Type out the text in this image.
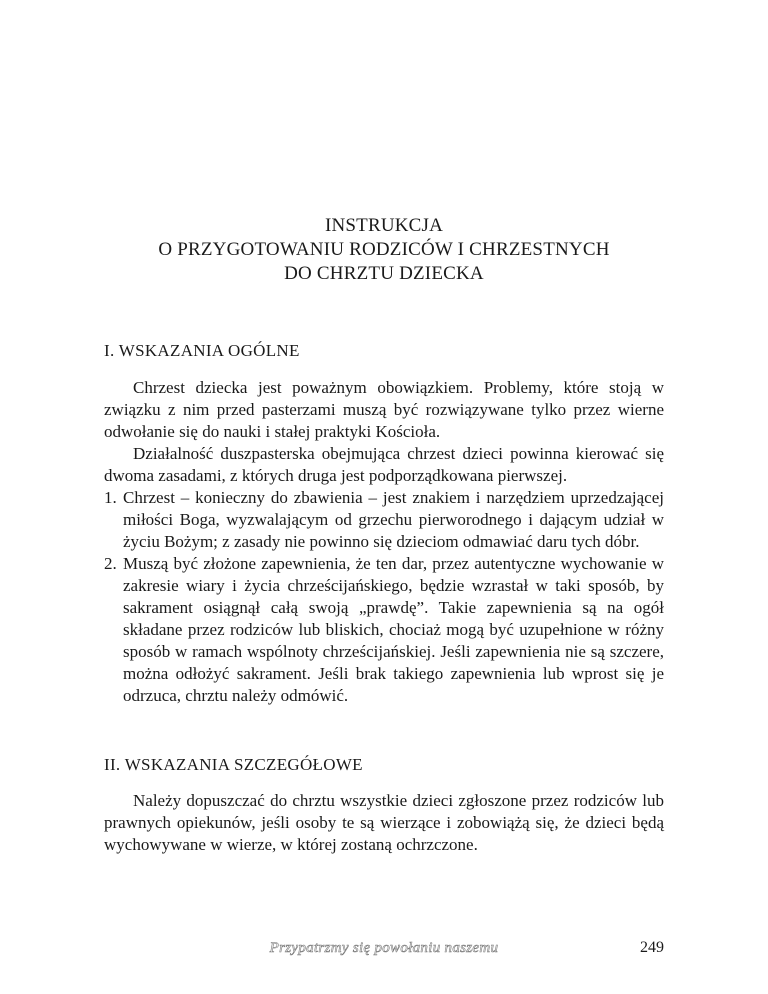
INSTRUKCJA
O PRZYGOTOWANIU RODZICÓW I CHRZESTNYCH
DO CHRZTU DZIECKA
I. WSKAZANIA OGÓLNE

Chrzest dziecka jest poważnym obowiązkiem. Problemy, które stoją w związku z nim przed pasterzami muszą być rozwiązywane tylko przez wierne odwołanie się do nauki i stałej praktyki Kościoła.

Działalność duszpasterska obejmująca chrzest dzieci powinna kierować się dwoma zasadami, z których druga jest podporządkowana pierwszej.

1. Chrzest – konieczny do zbawienia – jest znakiem i narzędziem uprzedzającej miłości Boga, wyzwalającym od grzechu pierworodnego i dającym udział w życiu Bożym; z zasady nie powinno się dzieciom odmawiać daru tych dóbr.
2. Muszą być złożone zapewnienia, że ten dar, przez autentyczne wychowanie w zakresie wiary i życia chrześcijańskiego, będzie wzrastał w taki sposób, by sakrament osiągnął całą swoją „prawdę”. Takie zapewnienia są na ogół składane przez rodziców lub bliskich, chociaż mogą być uzupełnione w różny sposób w ramach wspólnoty chrześcijańskiej. Jeśli zapewnienia nie są szczere, można odłożyć sakrament. Jeśli brak takiego zapewnienia lub wprost się je odrzuca, chrztu należy odmówić.
II. WSKAZANIA SZCZEGÓŁOWE

Należy dopuszczać do chrztu wszystkie dzieci zgłoszone przez rodziców lub prawnych opiekunów, jeśli osoby te są wierzące i zobowiążą się, że dzieci będą wychowywane w wierze, w której zostaną ochrzczone.

Przypatrzmy się powołaniu naszemu	249
